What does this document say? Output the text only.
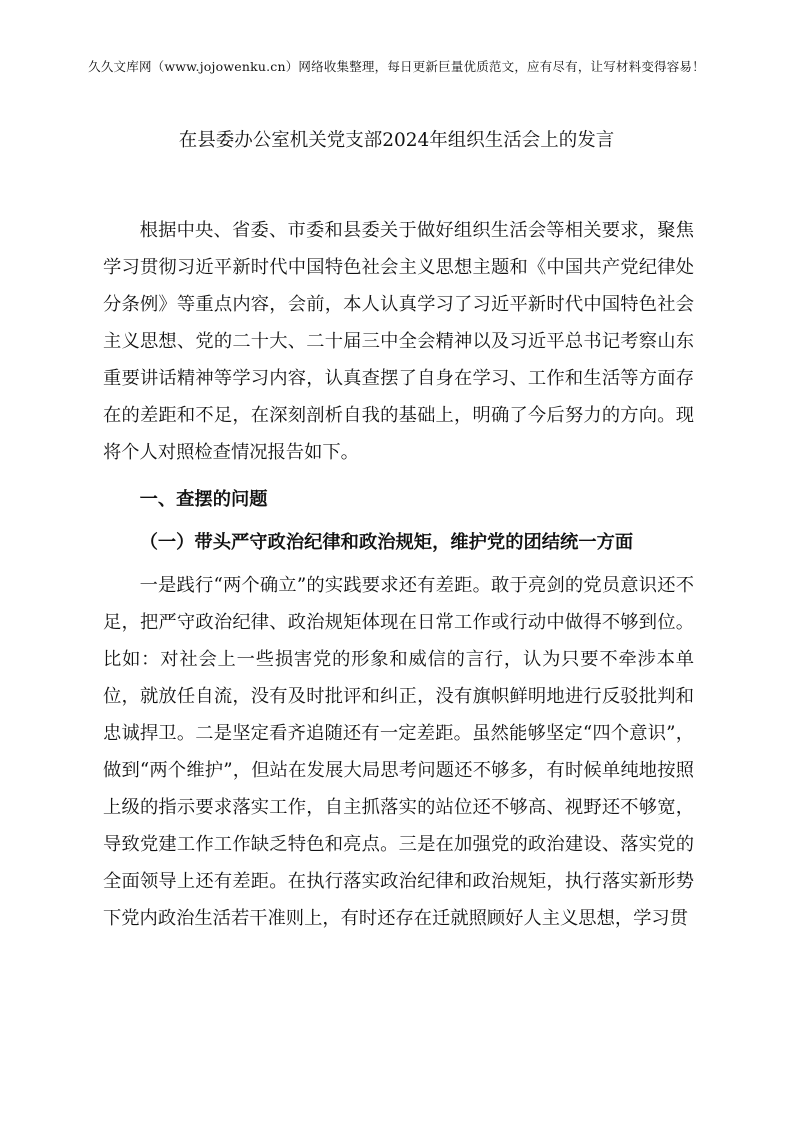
久久文库网（www.jojowenku.cn）网络收集整理，每日更新巨量优质范文，应有尽有，让写材料变得容易！
在县委办公室机关党支部2024年组织生活会上的发言

根据中央、省委、市委和县委关于做好组织生活会等相关要求，聚焦学习贯彻习近平新时代中国特色社会主义思想主题和《中国共产党纪律处分条例》等重点内容，会前，本人认真学习了习近平新时代中国特色社会主义思想、党的二十大、二十届三中全会精神以及习近平总书记考察山东重要讲话精神等学习内容，认真查摆了自身在学习、工作和生活等方面存在的差距和不足，在深刻剖析自我的基础上，明确了今后努力的方向。现将个人对照检查情况报告如下。

一、查摆的问题

（一）带头严守政治纪律和政治规矩，维护党的团结统一方面

一是践行“两个确立”的实践要求还有差距。敢于亮剑的党员意识还不足，把严守政治纪律、政治规矩体现在日常工作或行动中做得不够到位。比如：对社会上一些损害党的形象和威信的言行，认为只要不牵涉本单位，就放任自流，没有及时批评和纠正，没有旗帜鲜明地进行反驳批判和忠诚捍卫。二是坚定看齐追随还有一定差距。虽然能够坚定“四个意识”，做到“两个维护”，但站在发展大局思考问题还不够多，有时候单纯地按照上级的指示要求落实工作，自主抓落实的站位还不够高、视野还不够宽，导致党建工作工作缺乏特色和亮点。三是在加强党的政治建设、落实党的全面领导上还有差距。在执行落实政治纪律和政治规矩，执行落实新形势下党内政治生活若干准则上，有时还存在迁就照顾好人主义思想，学习贯
